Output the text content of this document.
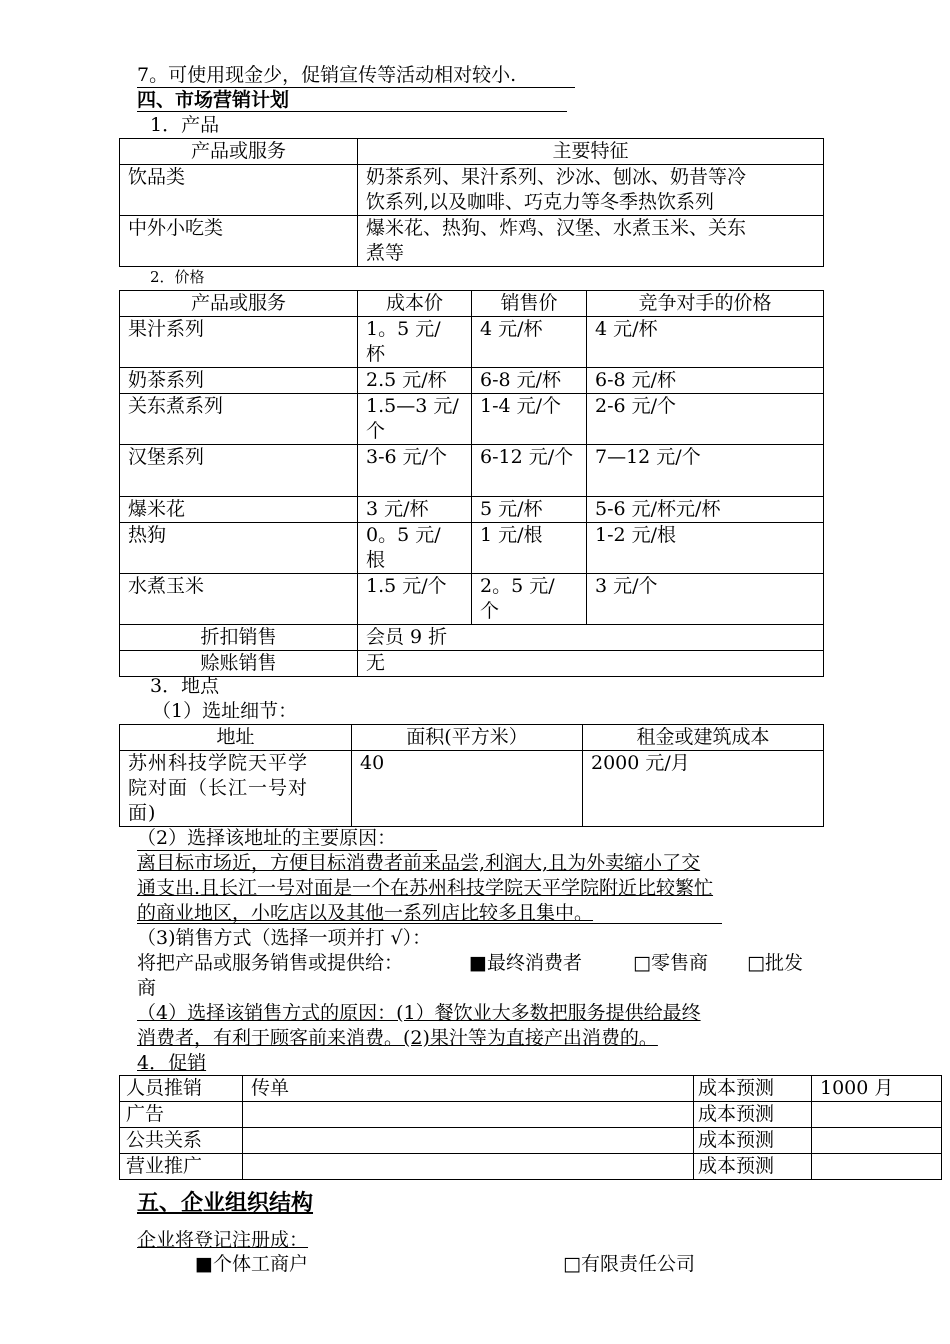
7。可使用现金少，促销宣传等活动相对较小.
四、市场营销计划
1．产品
产品或服务	主要特征
饮品类	奶茶系列、果汁系列、沙冰、刨冰、奶昔等冷
饮系列,以及咖啡、巧克力等冬季热饮系列

中外小吃类	爆米花、热狗、炸鸡、汉堡、水煮玉米、关东
煮等
2．价格
产品或服务	成本价	销售价	竞争对手的价格
果汁系列	1。5 元/
杯	4 元/杯	4 元/杯
奶茶系列	2.5 元/杯	6-8 元/杯	6-8 元/杯
关东煮系列	1.5—3 元/
个	1-4 元/个	2-6 元/个
汉堡系列	3-6 元/个	6-12 元/个	7—12 元/个
爆米花	3 元/杯	5 元/杯	5-6 元/杯元/杯
热狗	0。5 元/
根	1 元/根	1-2 元/根
水煮玉米	1.5 元/个	2。5 元/
个	3 元/个
折扣销售	会员 9 折		
赊账销售	无		
3．地点
（1）选址细节：
地址	面积(平方米）	租金或建筑成本

苏州科技学院天平学
院对面（长江一号对
面)	40	2000 元/月
（2）选择该地址的主要原因：
离目标市场近，方便目标消费者前来品尝,利润大,且为外卖缩小了交
通支出.且长江一号对面是一个在苏州科技学院天平学院附近比较繁忙
的商业地区，小吃店以及其他一系列店比较多且集中。
（3)销售方式（选择一项并打 √）：
将把产品或服务销售或提供给：	■最终消费者	□零售商 □批发
商
（4）选择该销售方式的原因：(1）餐饮业大多数把服务提供给最终
消费者，有利于顾客前来消费。(2)果汁等为直接产出消费的。
4．促销
人员推销	传单	成本预测	1000 月
广告		成本预测	
公共关系		成本预测	
营业推广		成本预测	
五、企业组织结构
企业将登记注册成：
■个体工商户	□有限责任公司
